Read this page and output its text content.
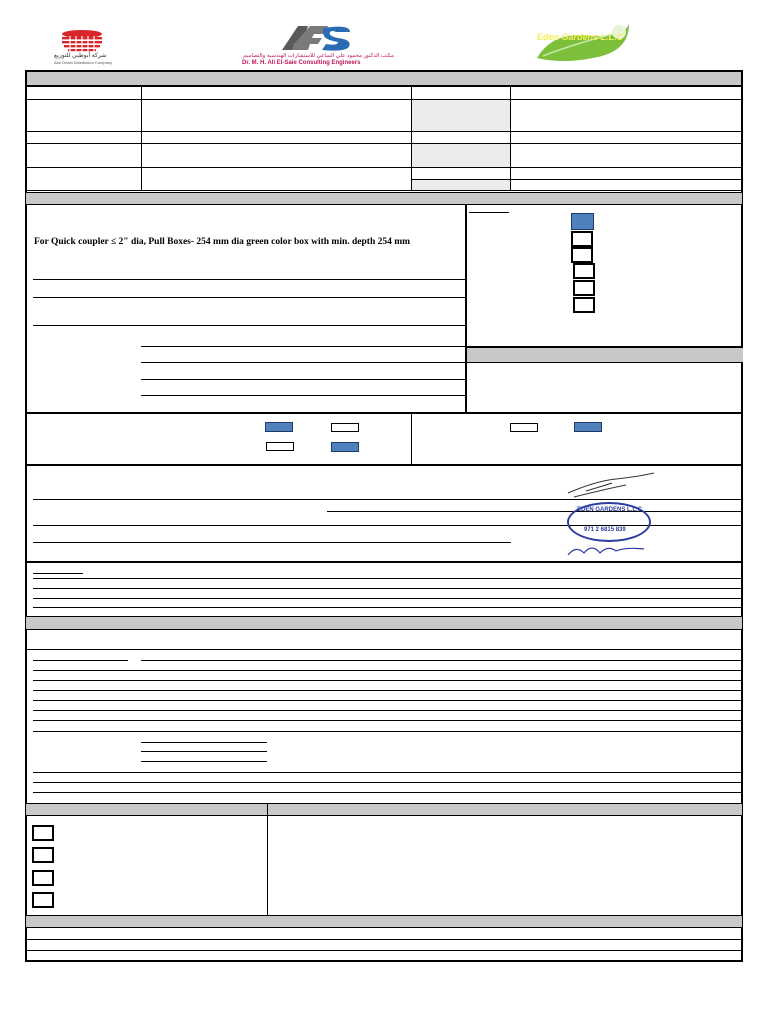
شركة أبوظبي للتوزيع
Abu Dhabi Distribution Company
مكتب الدكتور محمود علي الساعي للاستشارات الهندسية والتصاميم
Dr. M. H. Ali El-Saie Consulting Engineers
Eden Gardens L.L.C
For Quick coupler ≤ 2" dia, Pull Boxes- 254 mm dia green color box with min. depth 254 mm
EDEN GARDENS L.L.C
971 2 6815 839
